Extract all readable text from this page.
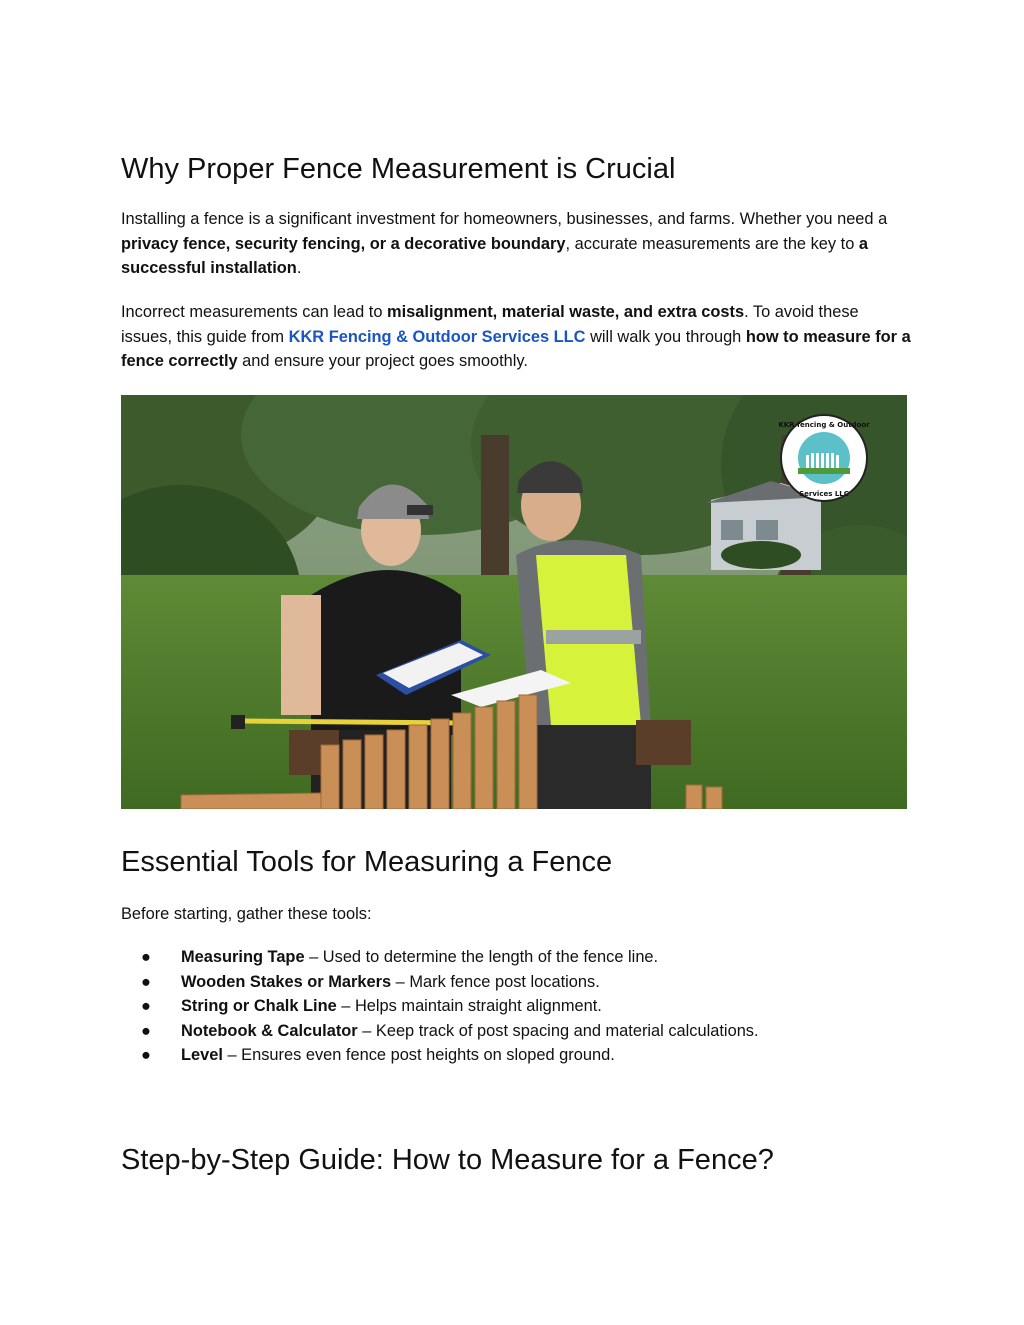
Why Proper Fence Measurement is Crucial

Installing a fence is a significant investment for homeowners, businesses, and farms. Whether you need a privacy fence, security fencing, or a decorative boundary, accurate measurements are the key to a successful installation.

Incorrect measurements can lead to misalignment, material waste, and extra costs. To avoid these issues, this guide from KKR Fencing & Outdoor Services LLC will walk you through how to measure for a fence correctly and ensure your project goes smoothly.

KKR fencing & Outdoor
Services LLC
Essential Tools for Measuring a Fence

Before starting, gather these tools:

● Measuring Tape – Used to determine the length of the fence line.
● Wooden Stakes or Markers – Mark fence post locations.
● String or Chalk Line – Helps maintain straight alignment.
● Notebook & Calculator – Keep track of post spacing and material calculations.
● Level – Ensures even fence post heights on sloped ground.
Step-by-Step Guide: How to Measure for a Fence?
